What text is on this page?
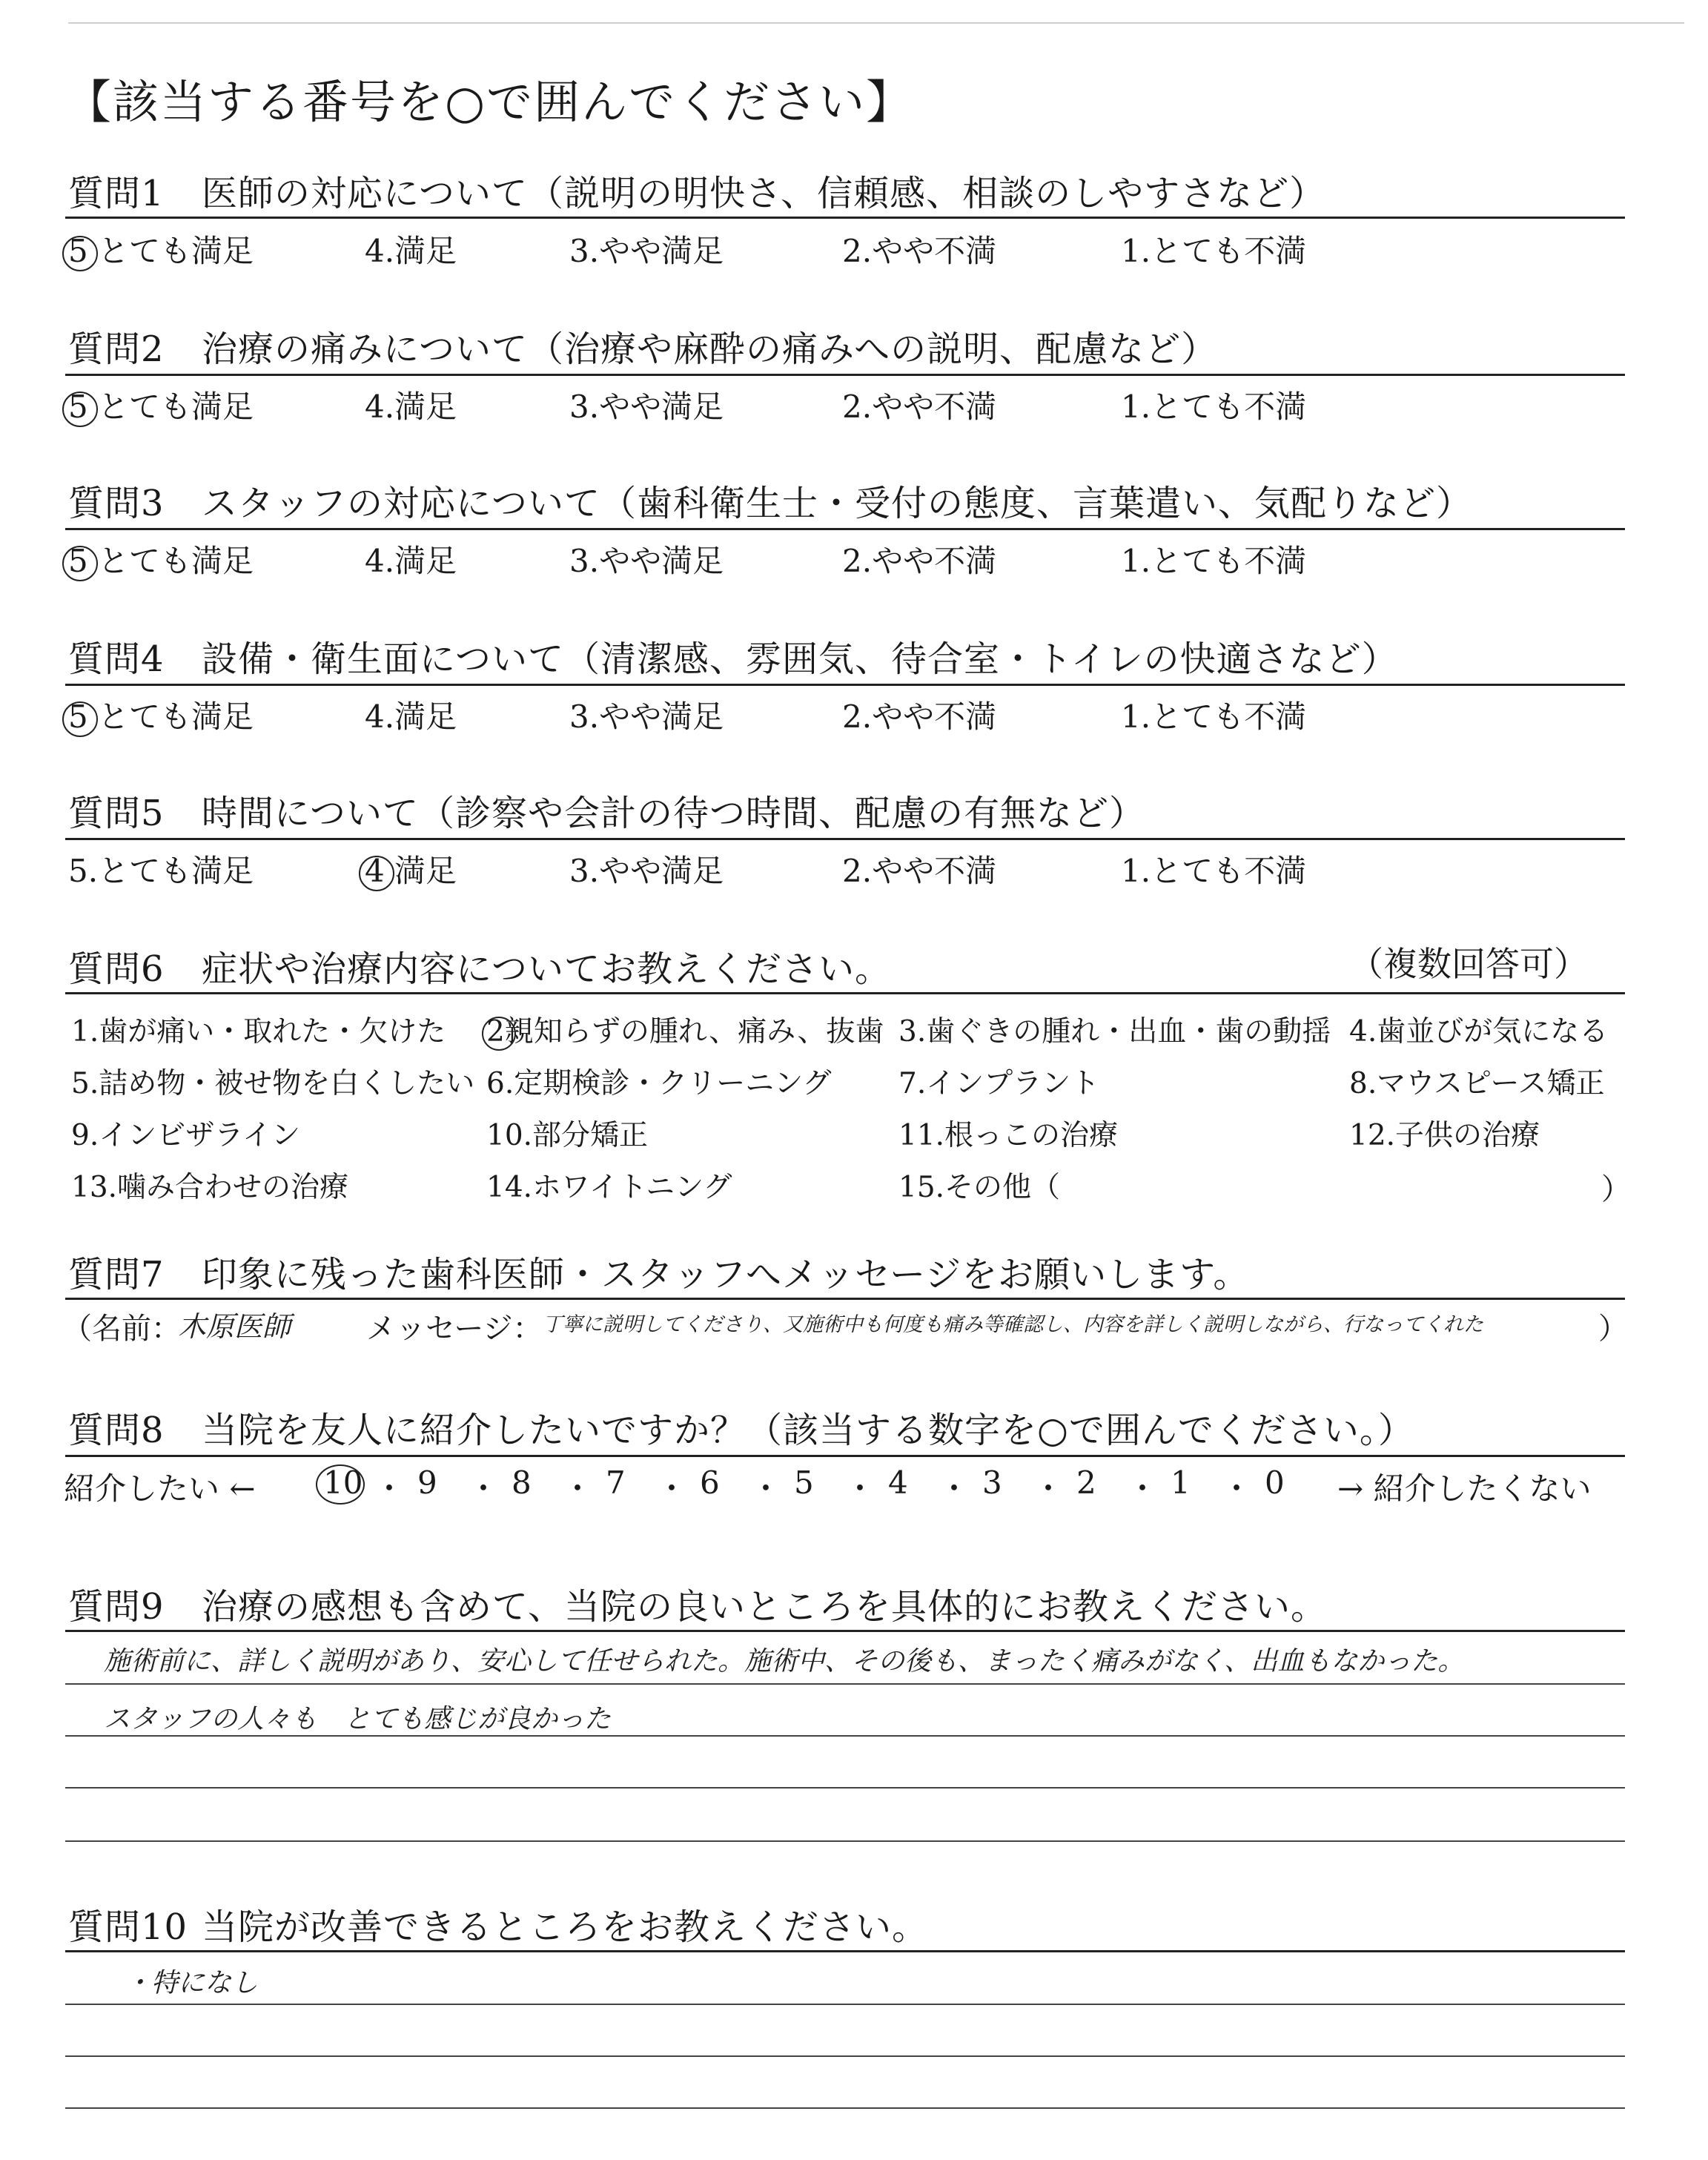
【該当する番号を○で囲んでください】
質問1 医師の対応について（説明の明快さ、信頼感、相談のしやすさなど）
5 とても満足	4.満足	3.やや満足	2.やや不満	1.とても不満
質問2 治療の痛みについて（治療や麻酔の痛みへの説明、配慮など）
5 とても満足	4.満足	3.やや満足	2.やや不満	1.とても不満
質問3 スタッフの対応について（歯科衛生士・受付の態度、言葉遣い、気配りなど）
5 とても満足	4.満足	3.やや満足	2.やや不満	1.とても不満
質問4 設備・衛生面について（清潔感、雰囲気、待合室・トイレの快適さなど）
5 とても満足	4.満足	3.やや満足	2.やや不満	1.とても不満
質問5 時間について（診察や会計の待つ時間、配慮の有無など）
5.とても満足	4 満足	3.やや満足	2.やや不満	1.とても不満
質問6 症状や治療内容についてお教えください。	（複数回答可）
1.歯が痛い・取れた・欠けた 2親知らずの腫れ、痛み、抜歯 3.歯ぐきの腫れ・出血・歯の動揺 4.歯並びが気になる
5.詰め物・被せ物を白くしたい 6.定期検診・クリーニング 7.インプラント	8.マウスピース矯正
9.インビザライン	10.部分矯正	11.根っこの治療	12.子供の治療
13.噛み合わせの治療	14.ホワイトニング	15.その他（	）
質問7 印象に残った歯科医師・スタッフへメッセージをお願いします。
（名前：
木原医師	メッセージ： 丁寧に説明してくださり、又施術中も何度も痛み等確認し、内容を詳しく説明しながら、行なってくれた	）
質問8 当院を友人に紹介したいですか？（該当する数字を○で囲んでください。）
紹介したい ←	→ 紹介したくない
10 ・ 9 ・ 8 ・ 7 ・ 6 ・ 5 ・ 4 ・ 3 ・ 2 ・ 1 ・ 0
質問9 治療の感想も含めて、当院の良いところを具体的にお教えください。
施術前に、詳しく説明があり、安心して任せられた。施術中、その後も、まったく痛みがなく、出血もなかった。
スタッフの人々も　とても感じが良かった
質問10 当院が改善できるところをお教えください。
・特になし
